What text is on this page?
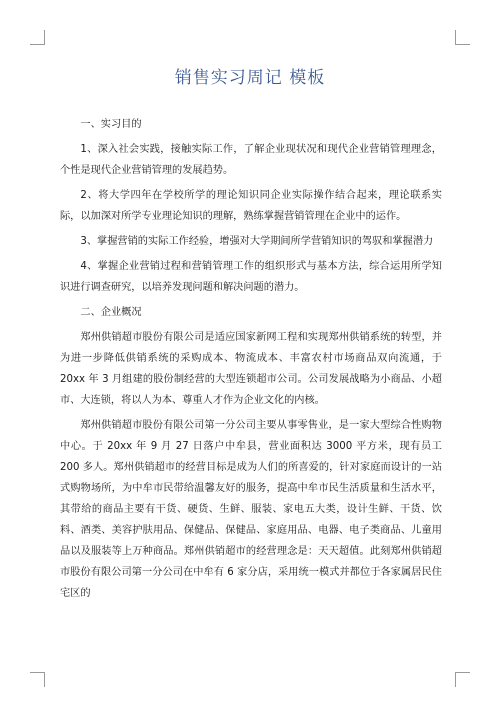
销售实习周记 模板

一、实习目的

1、深入社会实践，接触实际工作，了解企业现状况和现代企业营销管理理念，个性是现代企业营销管理的发展趋势。

2、将大学四年在学校所学的理论知识同企业实际操作结合起来，理论联系实际，以加深对所学专业理论知识的理解，熟练掌握营销管理在企业中的运作。

3、掌握营销的实际工作经验，增强对大学期间所学营销知识的驾驭和掌握潜力

4、掌握企业营销过程和营销管理工作的组织形式与基本方法，综合运用所学知识进行调查研究，以培养发现问题和解决问题的潜力。

二、企业概况

郑州供销超市股份有限公司是适应国家新网工程和实现郑州供销系统的转型，并为进一步降低供销系统的采购成本、物流成本、丰富农村市场商品双向流通，于 20xx 年 3 月组建的股份制经营的大型连锁超市公司。公司发展战略为小商品、小超市、大连锁，将以人为本、尊重人才作为企业文化的内核。

郑州供销超市股份有限公司第一分公司主要从事零售业，是一家大型综合性购物中心。于 20xx 年 9 月 27 日落户中牟县，营业面积达 3000 平方米，现有员工 200 多人。郑州供销超市的经营目标是成为人们的所喜爱的，针对家庭而设计的一站式购物场所，为中牟市民带给温馨友好的服务，提高中牟市民生活质量和生活水平，其带给的商品主要有干货、硬货、生鲜、服装、家电五大类，设计生鲜、干货、饮料、酒类、美容护肤用品、保健品、保健品、家庭用品、电器、电子类商品、儿童用品以及服装等上万种商品。郑州供销超市的经营理念是：天天超值。此刻郑州供销超市股份有限公司第一分公司在中牟有 6 家分店，采用统一模式并都位于各家属居民住宅区的
